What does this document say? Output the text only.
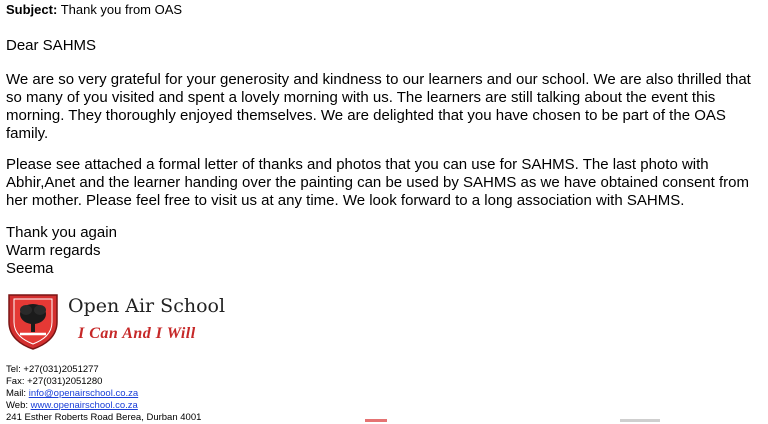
Subject: Thank you from OAS
Dear SAHMS
We are so very grateful for your generosity and kindness to our learners and our school. We are also thrilled that so many of you visited and spent a lovely morning with us. The learners are still talking about the event this morning. They thoroughly enjoyed themselves. We are delighted that you have chosen to be part of the OAS family.
Please see attached a formal letter of thanks and photos that you can use for SAHMS. The last photo with Abhir,Anet and the learner handing over the painting can be used by SAHMS as we have obtained consent from her mother. Please feel free to visit us at any time. We look forward to a long association with SAHMS.
Thank you again
Warm regards
Seema
Open Air School
I Can And I Will
Tel: +27(031)2051277
Fax: +27(031)2051280
Mail: info@openairschool.co.za
Web: www.openairschool.co.za
241 Esther Roberts Road Berea, Durban 4001
